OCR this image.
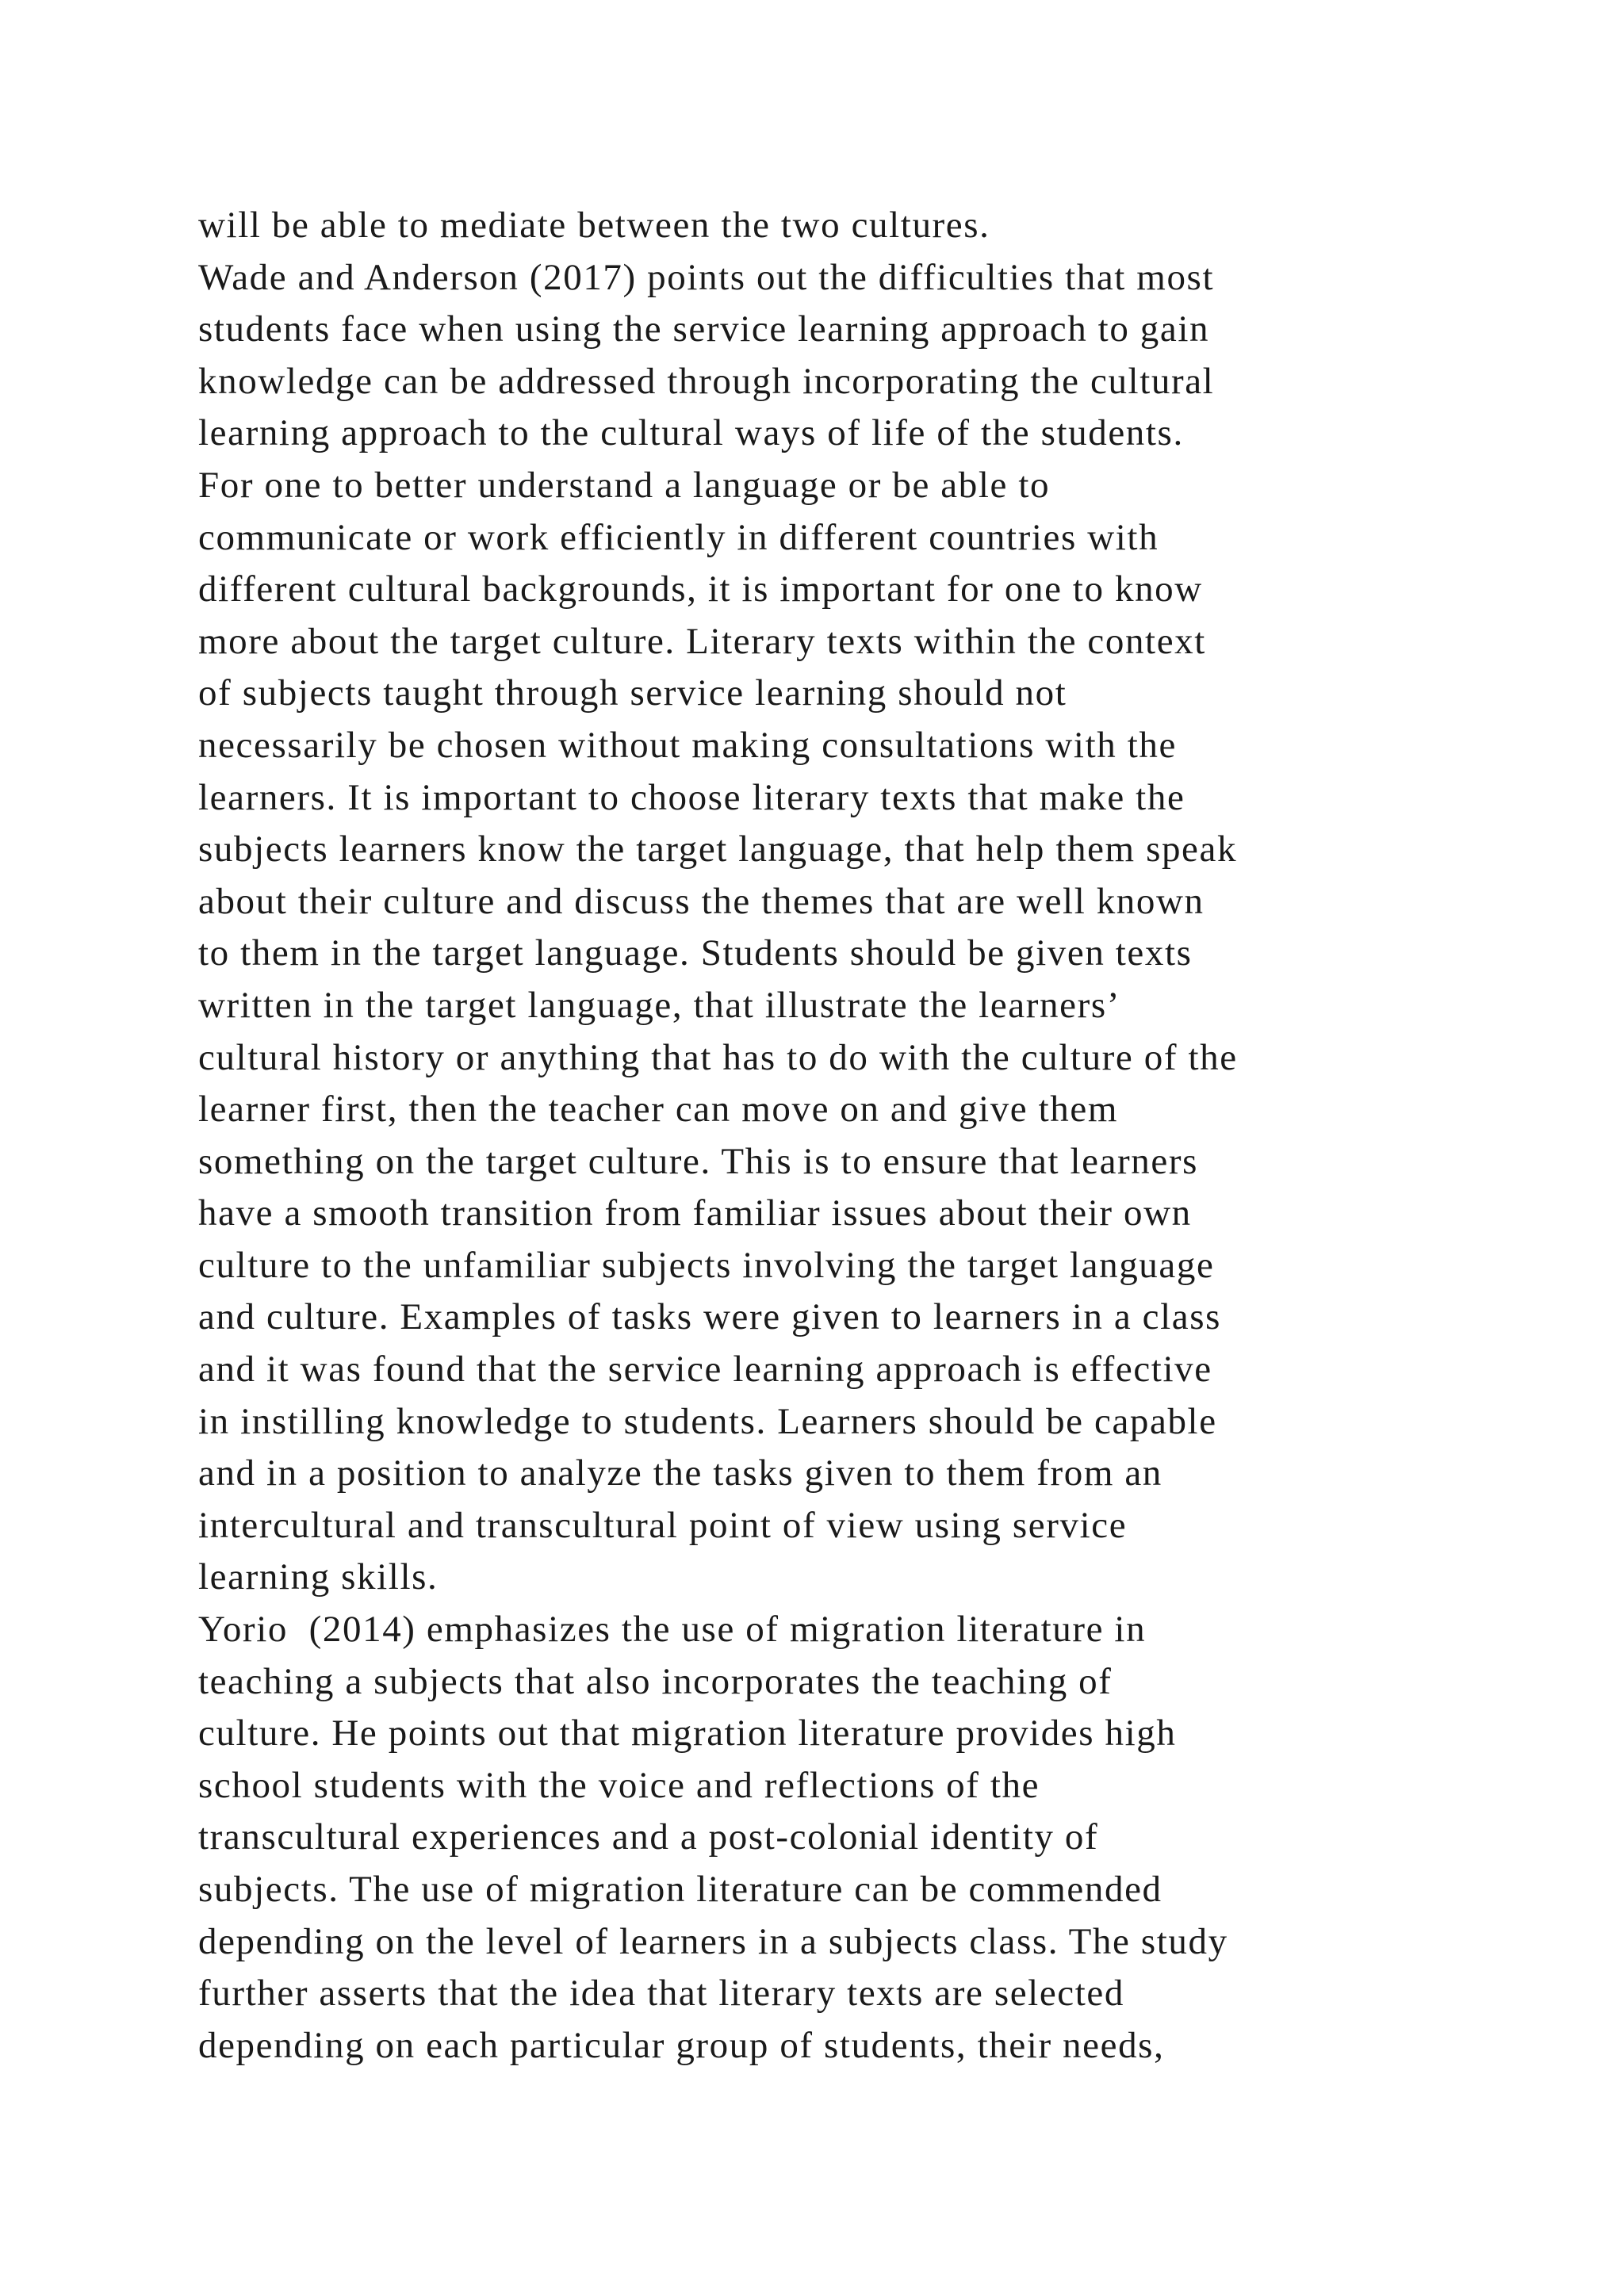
will be able to mediate between the two cultures.
Wade and Anderson (2017) points out the difficulties that most
students face when using the service learning approach to gain
knowledge can be addressed through incorporating the cultural
learning approach to the cultural ways of life of the students.
For one to better understand a language or be able to
communicate or work efficiently in different countries with
different cultural backgrounds, it is important for one to know
more about the target culture. Literary texts within the context
of subjects taught through service learning should not
necessarily be chosen without making consultations with the
learners. It is important to choose literary texts that make the
subjects learners know the target language, that help them speak
about their culture and discuss the themes that are well known
to them in the target language. Students should be given texts
written in the target language, that illustrate the learners’
cultural history or anything that has to do with the culture of the
learner first, then the teacher can move on and give them
something on the target culture. This is to ensure that learners
have a smooth transition from familiar issues about their own
culture to the unfamiliar subjects involving the target language
and culture. Examples of tasks were given to learners in a class
and it was found that the service learning approach is effective
in instilling knowledge to students. Learners should be capable
and in a position to analyze the tasks given to them from an
intercultural and transcultural point of view using service
learning skills.
Yorio  (2014) emphasizes the use of migration literature in
teaching a subjects that also incorporates the teaching of
culture. He points out that migration literature provides high
school students with the voice and reflections of the
transcultural experiences and a post-colonial identity of
subjects. The use of migration literature can be commended
depending on the level of learners in a subjects class. The study
further asserts that the idea that literary texts are selected
depending on each particular group of students, their needs,
